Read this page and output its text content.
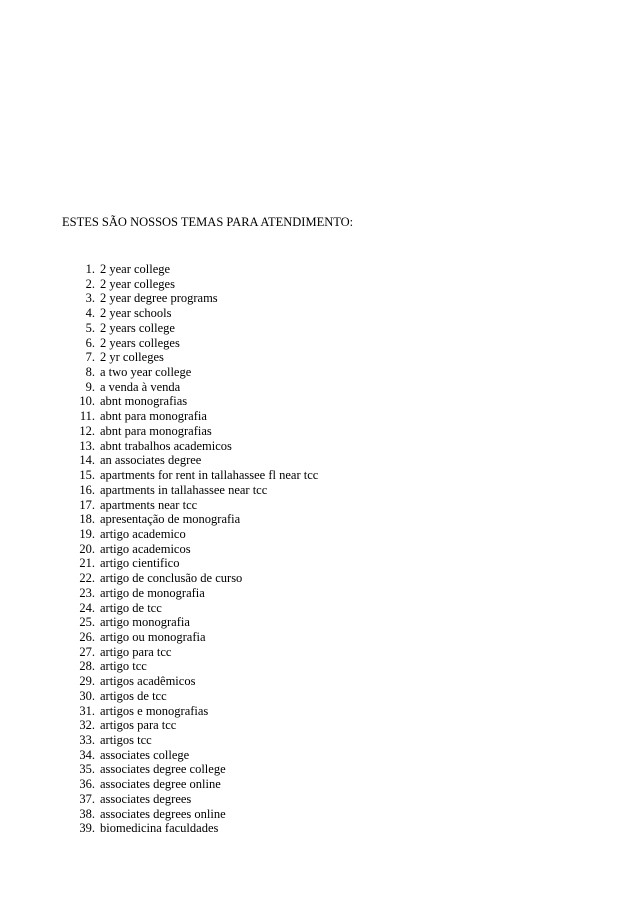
ESTES SÃO NOSSOS TEMAS PARA ATENDIMENTO:
1. 2 year college
2. 2 year colleges
3. 2 year degree programs
4. 2 year schools
5. 2 years college
6. 2 years colleges
7. 2 yr colleges
8. a two year college
9. a venda à venda
10. abnt monografias
11. abnt para monografia
12. abnt para monografias
13. abnt trabalhos academicos
14. an associates degree
15. apartments for rent in tallahassee fl near tcc
16. apartments in tallahassee near tcc
17. apartments near tcc
18. apresentação de monografia
19. artigo academico
20. artigo academicos
21. artigo cientifico
22. artigo de conclusão de curso
23. artigo de monografia
24. artigo de tcc
25. artigo monografia
26. artigo ou monografia
27. artigo para tcc
28. artigo tcc
29. artigos acadêmicos
30. artigos de tcc
31. artigos e monografias
32. artigos para tcc
33. artigos tcc
34. associates college
35. associates degree college
36. associates degree online
37. associates degrees
38. associates degrees online
39. biomedicina faculdades
